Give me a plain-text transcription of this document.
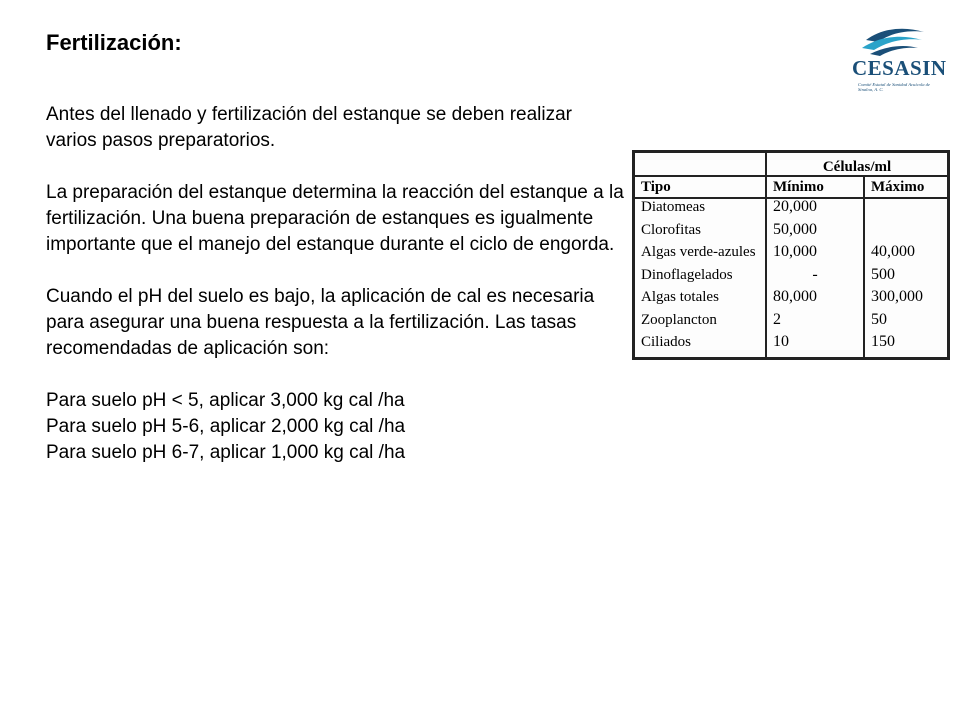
Fertilización:

Antes del llenado y fertilización del estanque se deben realizar varios pasos preparatorios.

La preparación del estanque determina la reacción del estanque a la fertilización. Una buena preparación de estanques es igualmente importante que el manejo del estanque durante el ciclo de engorda.

Cuando el pH del suelo es bajo, la aplicación de cal es necesaria para asegurar una buena respuesta a la fertilización. Las tasas recomendadas de aplicación son:

Para suelo pH < 5, aplicar 3,000 kg cal /ha

Para suelo pH 5-6, aplicar 2,000 kg cal /ha

Para suelo pH 6-7, aplicar 1,000 kg cal /ha

CESASIN
Comité Estatal de Sanidad Acuícola de Sinaloa, A. C.
	Células/ml	
Tipo	Mínimo	Máximo
Diatomeas	20,000	
Clorofitas	50,000	
Algas verde-azules	10,000	40,000
Dinoflagelados	-	500
Algas totales	80,000	300,000
Zooplancton	2	50
Ciliados	10	150
